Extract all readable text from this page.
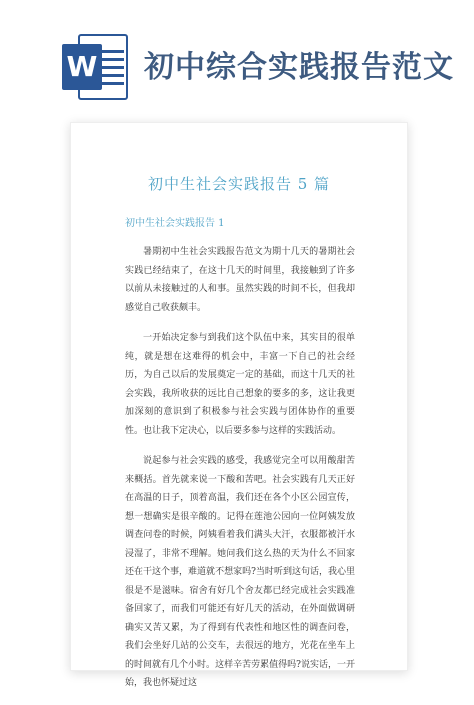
W 初中综合实践报告范文
初中生社会实践报告 5 篇
初中生社会实践报告 1

暑期初中生社会实践报告范文为期十几天的暑期社会实践已经结束了，在这十几天的时间里，我接触到了许多以前从未接触过的人和事。虽然实践的时间不长，但我却感觉自己收获颇丰。

一开始决定参与到我们这个队伍中来，其实目的很单纯，就是想在这难得的机会中，丰富一下自己的社会经历，为自己以后的发展奠定一定的基础，而这十几天的社会实践，我所收获的远比自己想象的要多的多，这让我更加深刻的意识到了积极参与社会实践与团体协作的重要性。也让我下定决心，以后要多参与这样的实践活动。

说起参与社会实践的感受，我感觉完全可以用酸甜苦来概括。首先就来说一下酸和苦吧。社会实践有几天正好在高温的日子，顶着高温，我们还在各个小区公园宣传，想一想确实是很辛酸的。记得在莲池公园向一位阿姨发放调查问卷的时候，阿姨看着我们满头大汗，衣服都被汗水浸湿了，非常不理解。她问我们这么热的天为什么不回家还在干这个事，难道就不想家吗?当时听到这句话，我心里很是不是滋味。宿舍有好几个舍友都已经完成社会实践准备回家了，而我们可能还有好几天的活动，在外面做调研确实又苦又累，为了得到有代表性和地区性的调查问卷，我们会坐好几站的公交车，去很远的地方，光花在坐车上的时间就有几个小时。这样辛苦劳累值得吗?说实话，一开始，我也怀疑过这
